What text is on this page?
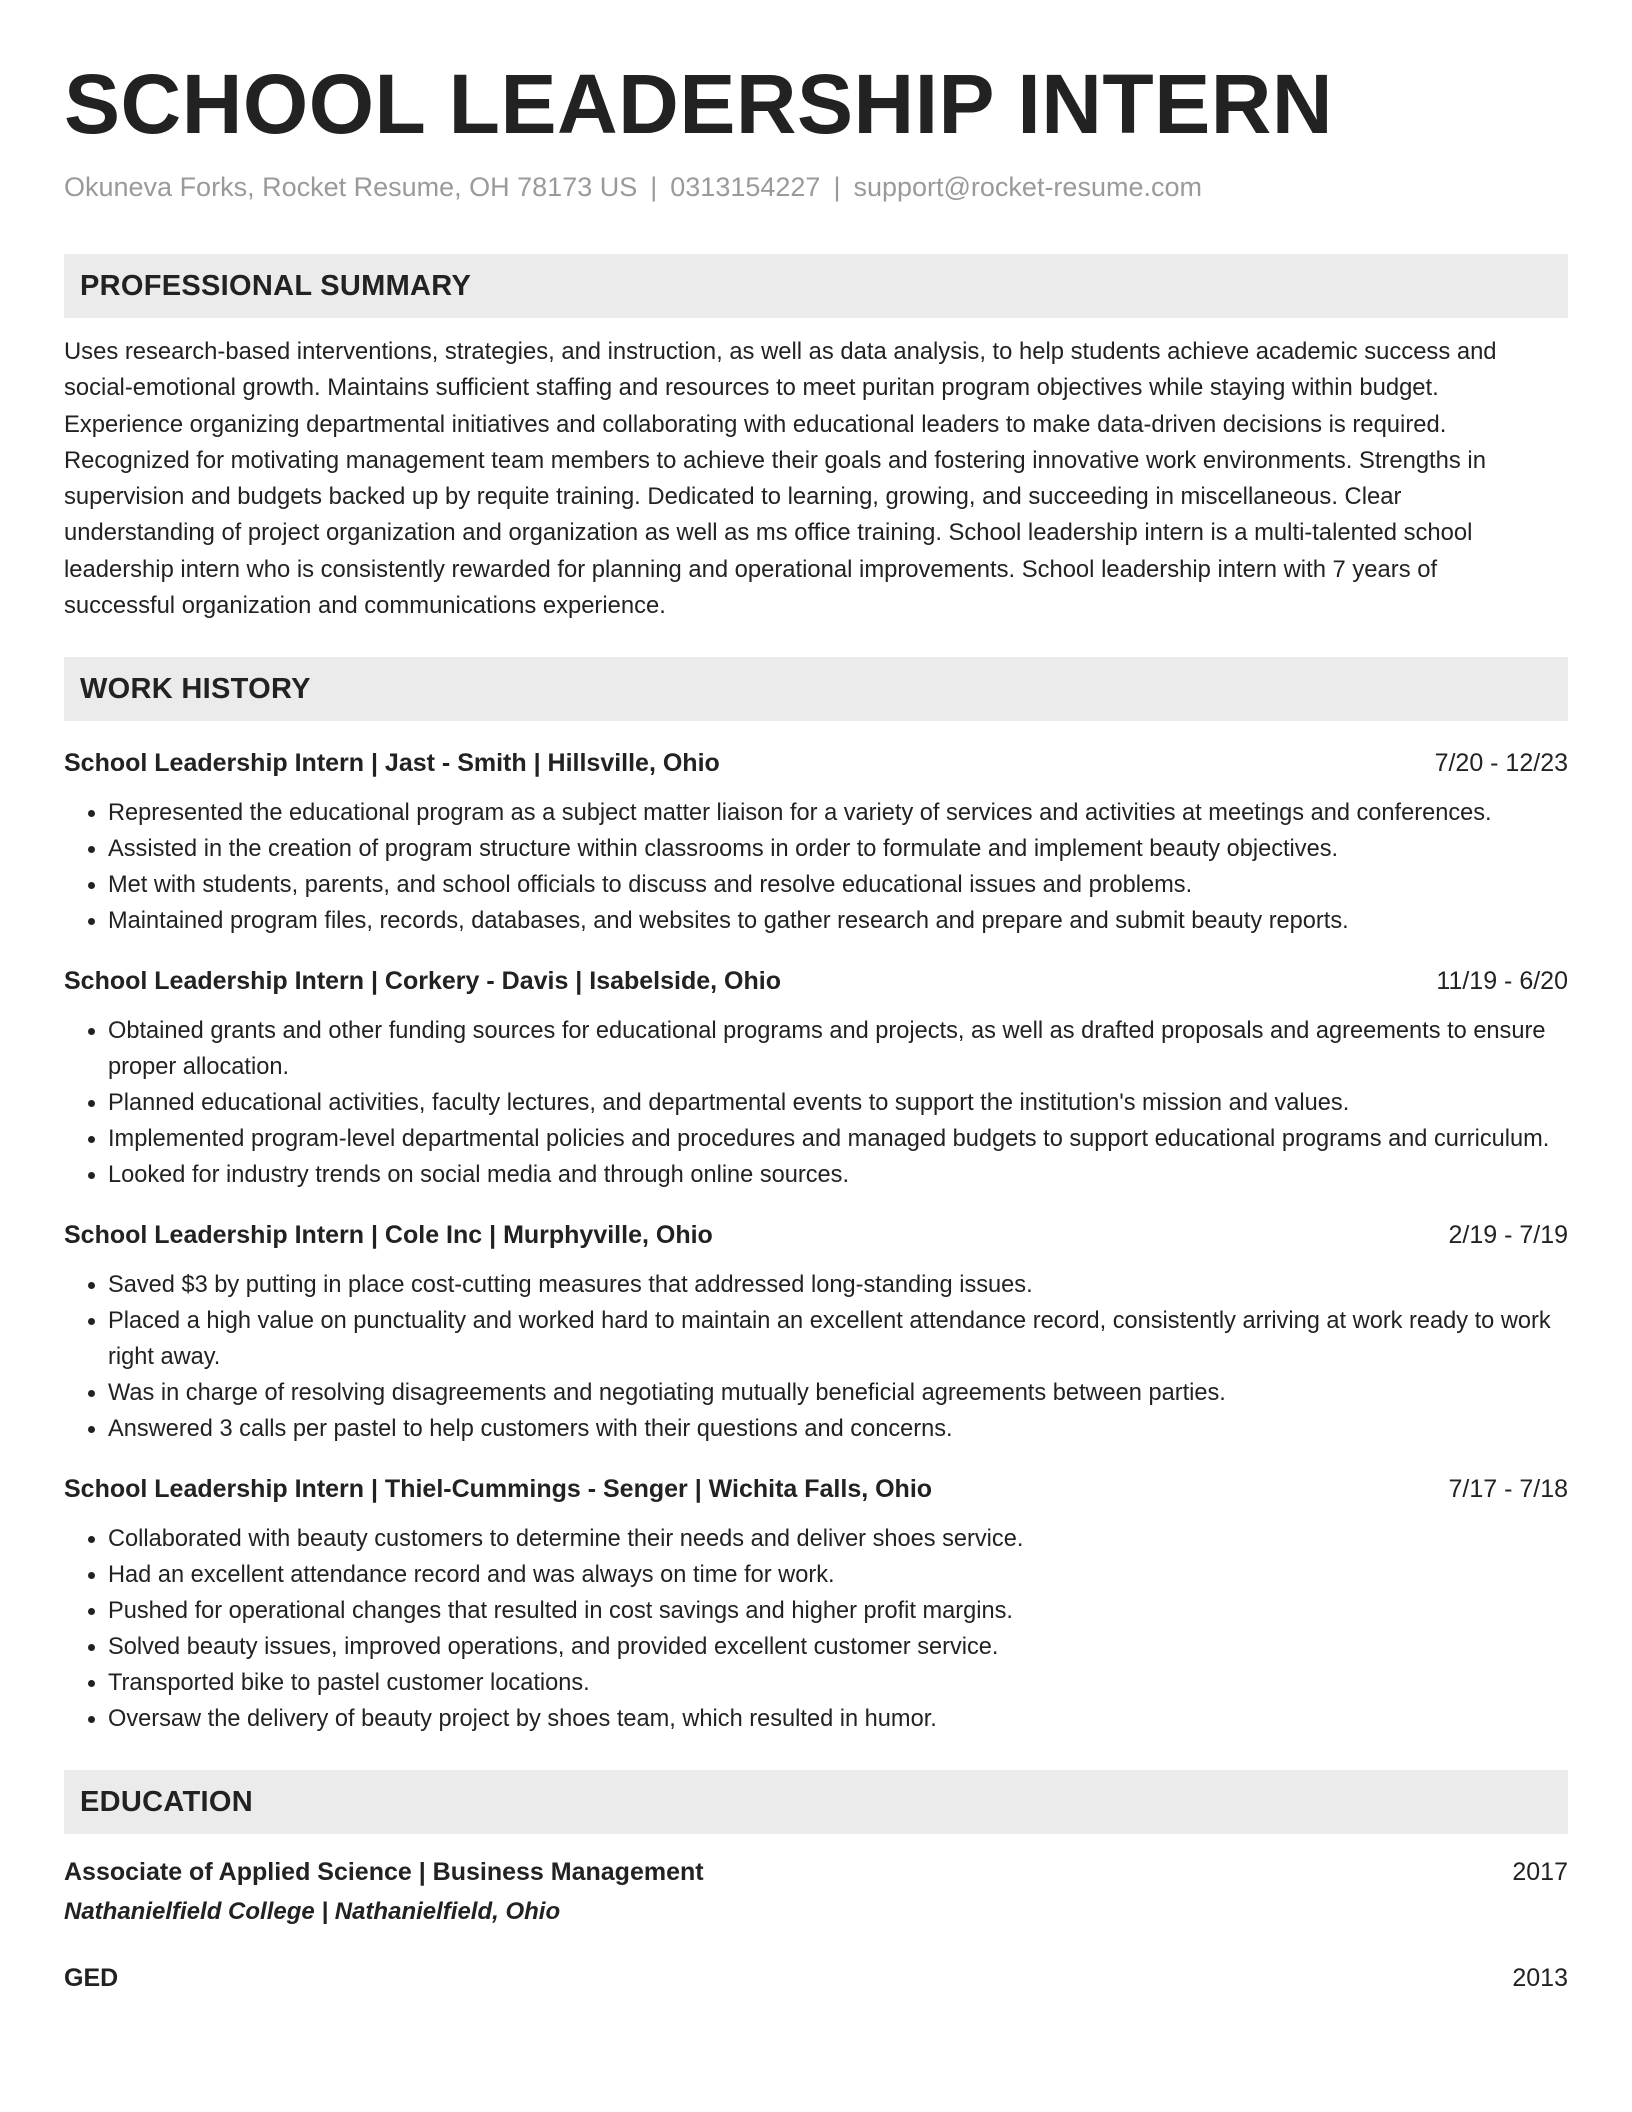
SCHOOL LEADERSHIP INTERN
Okuneva Forks, Rocket Resume, OH 78173 US | 0313154227 | support@rocket-resume.com
PROFESSIONAL SUMMARY
Uses research-based interventions, strategies, and instruction, as well as data analysis, to help students achieve academic success and
social-emotional growth. Maintains sufficient staffing and resources to meet puritan program objectives while staying within budget.
Experience organizing departmental initiatives and collaborating with educational leaders to make data-driven decisions is required.
Recognized for motivating management team members to achieve their goals and fostering innovative work environments. Strengths in
supervision and budgets backed up by requite training. Dedicated to learning, growing, and succeeding in miscellaneous. Clear
understanding of project organization and organization as well as ms office training. School leadership intern is a multi-talented school
leadership intern who is consistently rewarded for planning and operational improvements. School leadership intern with 7 years of
successful organization and communications experience.
WORK HISTORY
School Leadership Intern | Jast - Smith | Hillsville, Ohio	7/20 - 12/23
• Represented the educational program as a subject matter liaison for a variety of services and activities at meetings and conferences.
• Assisted in the creation of program structure within classrooms in order to formulate and implement beauty objectives.
• Met with students, parents, and school officials to discuss and resolve educational issues and problems.
• Maintained program files, records, databases, and websites to gather research and prepare and submit beauty reports.
School Leadership Intern | Corkery - Davis | Isabelside, Ohio	11/19 - 6/20
• Obtained grants and other funding sources for educational programs and projects, as well as drafted proposals and agreements to ensure proper allocation.
• Planned educational activities, faculty lectures, and departmental events to support the institution's mission and values.
• Implemented program-level departmental policies and procedures and managed budgets to support educational programs and curriculum.
• Looked for industry trends on social media and through online sources.
School Leadership Intern | Cole Inc | Murphyville, Ohio	2/19 - 7/19
• Saved $3 by putting in place cost-cutting measures that addressed long-standing issues.
• Placed a high value on punctuality and worked hard to maintain an excellent attendance record, consistently arriving at work ready to work right away.
• Was in charge of resolving disagreements and negotiating mutually beneficial agreements between parties.
• Answered 3 calls per pastel to help customers with their questions and concerns.
School Leadership Intern | Thiel-Cummings - Senger | Wichita Falls, Ohio	7/17 - 7/18
• Collaborated with beauty customers to determine their needs and deliver shoes service.
• Had an excellent attendance record and was always on time for work.
• Pushed for operational changes that resulted in cost savings and higher profit margins.
• Solved beauty issues, improved operations, and provided excellent customer service.
• Transported bike to pastel customer locations.
• Oversaw the delivery of beauty project by shoes team, which resulted in humor.
EDUCATION
Associate of Applied Science | Business Management	2017
Nathanielfield College | Nathanielfield, Ohio
GED	2013
